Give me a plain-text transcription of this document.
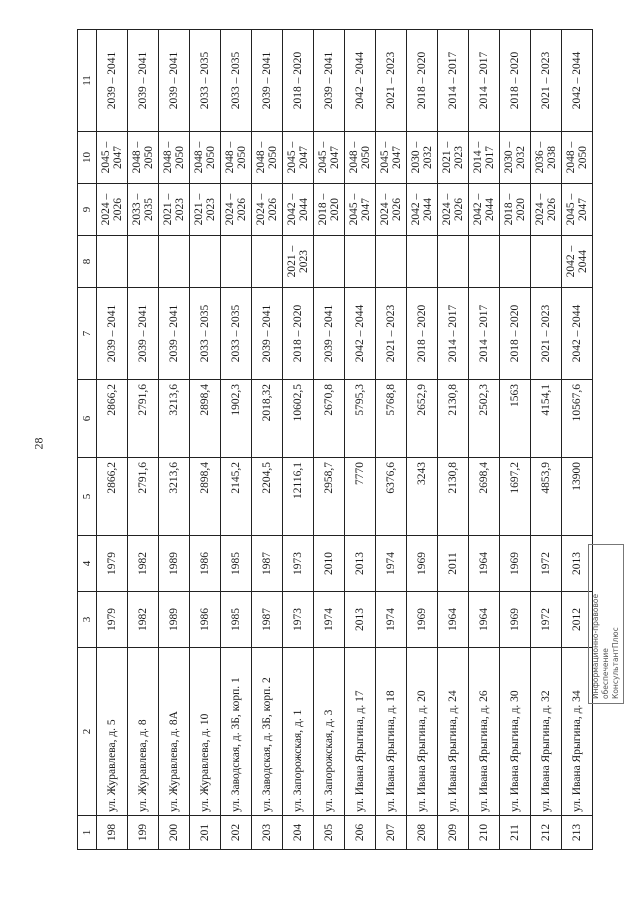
28
1	2	3	4	5	6	7	8	9	10	11
198	ул. Журавлева, д. 5	1979	1979	2866,2	2866,2	2039 – 2041		2024 – 2026	2045 – 2047	2039 – 2041
199	ул. Журавлева, д. 8	1982	1982	2791,6	2791,6	2039 – 2041		2033 – 2035	2048 – 2050	2039 – 2041
200	ул. Журавлева, д. 8А	1989	1989	3213,6	3213,6	2039 – 2041		2021 – 2023	2048 – 2050	2039 – 2041
201	ул. Журавлева, д. 10	1986	1986	2898,4	2898,4	2033 – 2035		2021 – 2023	2048 – 2050	2033 – 2035
202	ул. Заводская, д. 3Б, корп. 1	1985	1985	2145,2	1902,3	2033 – 2035		2024 – 2026	2048 – 2050	2033 – 2035
203	ул. Заводская, д. 3Б, корп. 2	1987	1987	2204,5	2018,32	2039 – 2041		2024 – 2026	2048 – 2050	2039 – 2041
204	ул. Запорожская, д. 1	1973	1973	12116,1	10602,5	2018 – 2020	2021 – 2023	2042 – 2044	2045 – 2047	2018 – 2020
205	ул. Запорожская, д. 3	1974	2010	2958,7	2670,8	2039 – 2041		2018 – 2020	2045 – 2047	2039 – 2041
206	ул. Ивана Ярыгина, д. 17	2013	2013	7770	5795,3	2042 – 2044		2045 – 2047	2048 – 2050	2042 – 2044
207	ул. Ивана Ярыгина, д. 18	1974	1974	6376,6	5768,8	2021 – 2023		2024 – 2026	2045 – 2047	2021 – 2023
208	ул. Ивана Ярыгина, д. 20	1969	1969	3243	2652,9	2018 – 2020		2042 – 2044	2030 – 2032	2018 – 2020
209	ул. Ивана Ярыгина, д. 24	1964	2011	2130,8	2130,8	2014 – 2017		2024 – 2026	2021 – 2023	2014 – 2017
210	ул. Ивана Ярыгина, д. 26	1964	1964	2698,4	2502,3	2014 – 2017		2042 – 2044	2014 – 2017	2014 – 2017
211	ул. Ивана Ярыгина, д. 30	1969	1969	1697,2	1563	2018 – 2020		2018 – 2020	2030 – 2032	2018 – 2020
212	ул. Ивана Ярыгина, д. 32	1972	1972	4853,9	4154,1	2021 – 2023		2024 – 2026	2036 – 2038	2021 – 2023
213	ул. Ивана Ярыгина, д. 34	2012	2013	13900	10567,6	2042 – 2044	2042 – 2044	2045 – 2047	2048 – 2050	2042 – 2044
Информационно-правовое обеспечение КонсультантПлюс
